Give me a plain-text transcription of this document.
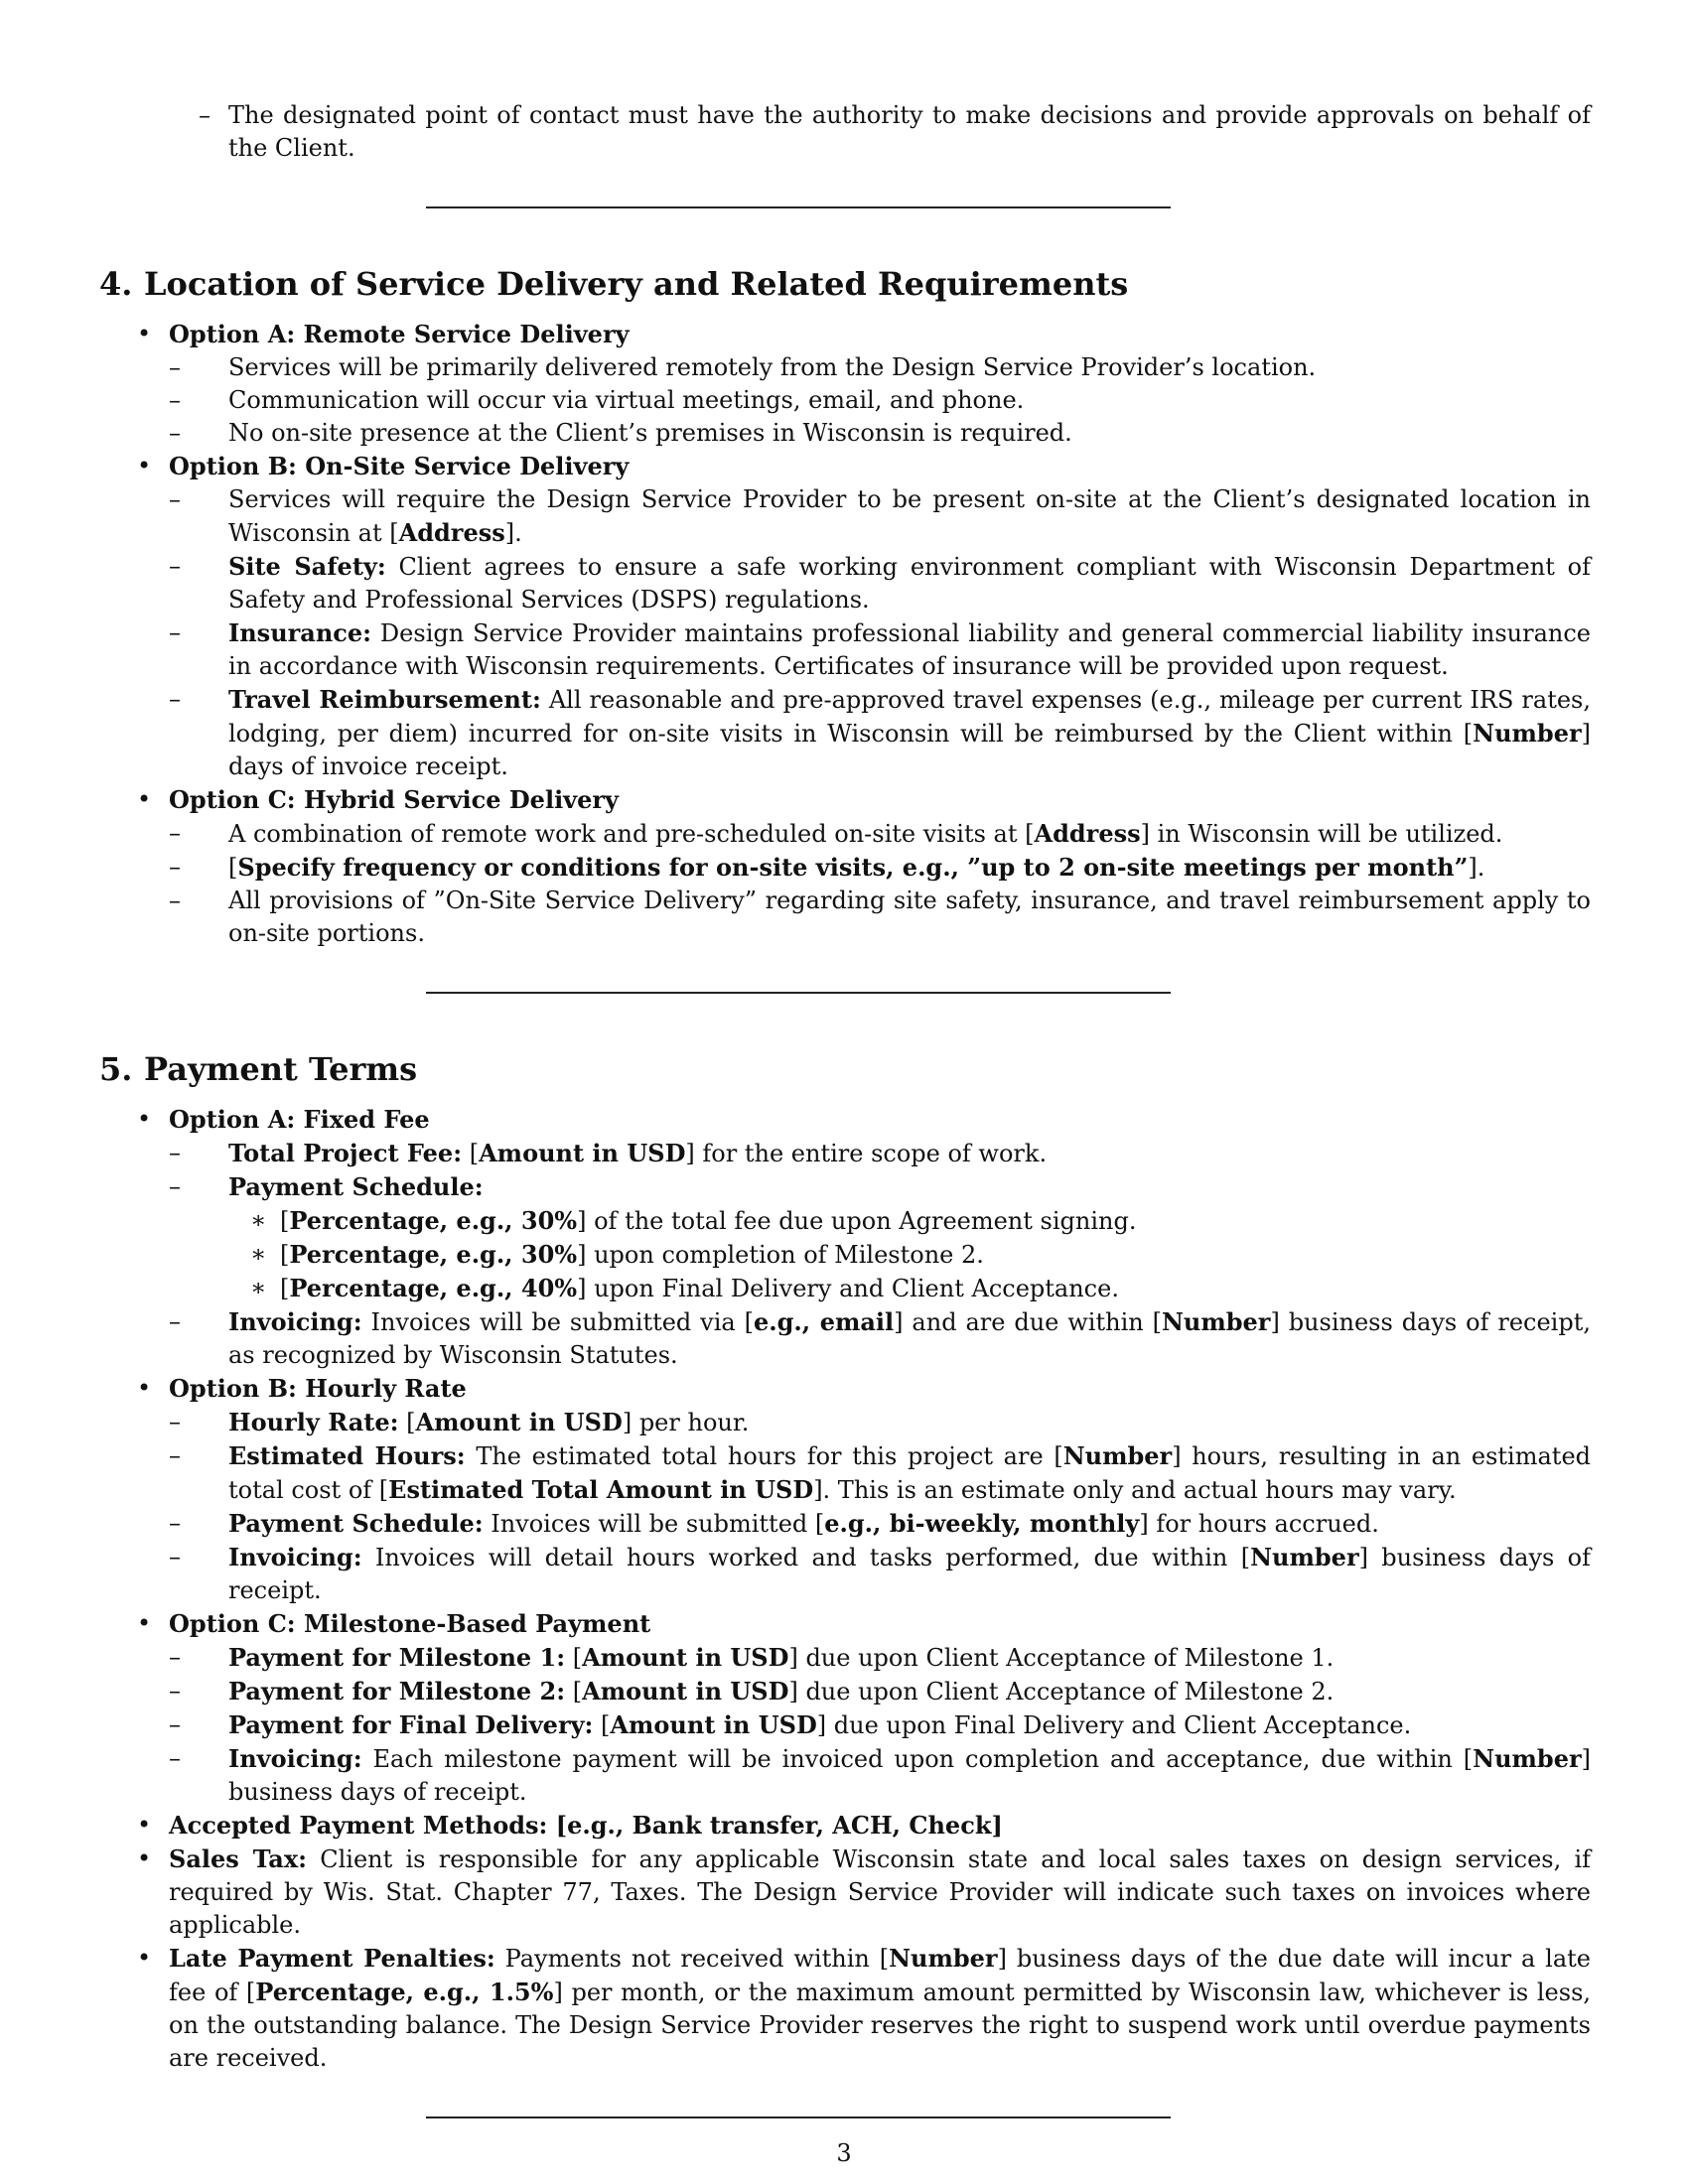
– The designated point of contact must have the authority to make decisions and provide approvals on behalf of the Client.
4. Location of Service Delivery and Related Requirements
• Option A: Remote Service Delivery
– Services will be primarily delivered remotely from the Design Service Provider’s location.
– Communication will occur via virtual meetings, email, and phone.
– No on-site presence at the Client’s premises in Wisconsin is required.
• Option B: On-Site Service Delivery
– Services will require the Design Service Provider to be present on-site at the Client’s designated location in Wisconsin at [Address].
– Site Safety: Client agrees to ensure a safe working environment compliant with Wisconsin Department of Safety and Professional Services (DSPS) regulations.
– Insurance: Design Service Provider maintains professional liability and general commercial liability insurance in accordance with Wisconsin requirements. Certificates of insurance will be provided upon request.
– Travel Reimbursement: All reasonable and pre-approved travel expenses (e.g., mileage per current IRS rates, lodging, per diem) incurred for on-site visits in Wisconsin will be reimbursed by the Client within [Number] days of invoice receipt.
• Option C: Hybrid Service Delivery
– A combination of remote work and pre-scheduled on-site visits at [Address] in Wisconsin will be utilized.
– [Specify frequency or conditions for on-site visits, e.g., ”up to 2 on-site meetings per month”].
– All provisions of ”On-Site Service Delivery” regarding site safety, insurance, and travel reimbursement apply to on-site portions.
5. Payment Terms
• Option A: Fixed Fee
– Total Project Fee: [Amount in USD] for the entire scope of work.
– Payment Schedule:
∗ [Percentage, e.g., 30%] of the total fee due upon Agreement signing.
∗ [Percentage, e.g., 30%] upon completion of Milestone 2.
∗ [Percentage, e.g., 40%] upon Final Delivery and Client Acceptance.
– Invoicing: Invoices will be submitted via [e.g., email] and are due within [Number] business days of receipt, as recognized by Wisconsin Statutes.
• Option B: Hourly Rate
– Hourly Rate: [Amount in USD] per hour.
– Estimated Hours: The estimated total hours for this project are [Number] hours, resulting in an estimated total cost of [Estimated Total Amount in USD]. This is an estimate only and actual hours may vary.
– Payment Schedule: Invoices will be submitted [e.g., bi-weekly, monthly] for hours accrued.
– Invoicing: Invoices will detail hours worked and tasks performed, due within [Number] business days of receipt.
• Option C: Milestone-Based Payment
– Payment for Milestone 1: [Amount in USD] due upon Client Acceptance of Milestone 1.
– Payment for Milestone 2: [Amount in USD] due upon Client Acceptance of Milestone 2.
– Payment for Final Delivery: [Amount in USD] due upon Final Delivery and Client Acceptance.
– Invoicing: Each milestone payment will be invoiced upon completion and acceptance, due within [Number] business days of receipt.
• Accepted Payment Methods: [e.g., Bank transfer, ACH, Check]
• Sales Tax: Client is responsible for any applicable Wisconsin state and local sales taxes on design services, if required by Wis. Stat. Chapter 77, Taxes. The Design Service Provider will indicate such taxes on invoices where applicable.
• Late Payment Penalties: Payments not received within [Number] business days of the due date will incur a late fee of [Percentage, e.g., 1.5%] per month, or the maximum amount permitted by Wisconsin law, whichever is less, on the outstanding balance. The Design Service Provider reserves the right to suspend work until overdue payments are received.
3
